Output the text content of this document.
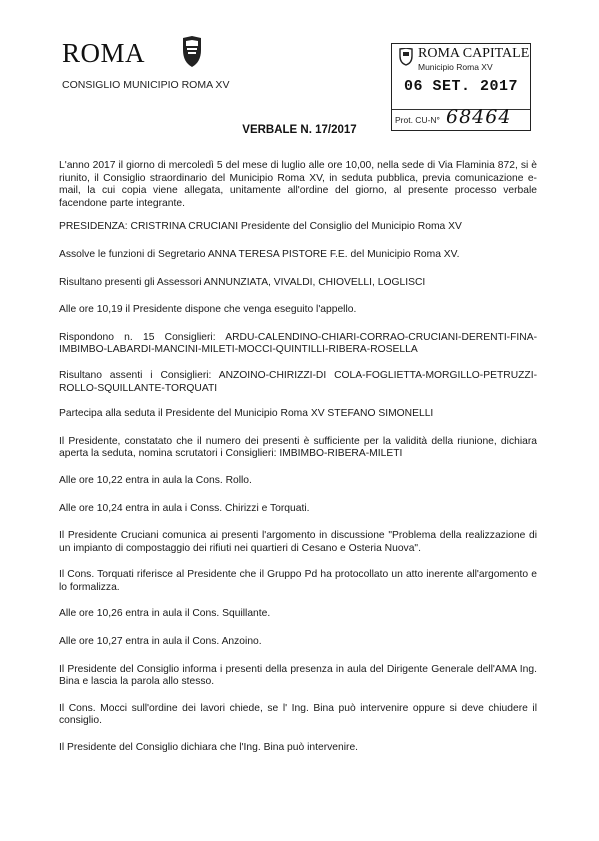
ROMA
CONSIGLIO MUNICIPIO ROMA XV
ROMA CAPITALE
Municipio Roma XV
06 SET. 2017
Prot. CU-N° 68464
VERBALE N. 17/2017

L'anno 2017 il giorno di mercoledì 5 del mese di luglio alle ore 10,00, nella sede di Via Flaminia 872, si è riunito, il Consiglio straordinario del Municipio Roma XV, in seduta pubblica, previa comunicazione e-mail, la cui copia viene allegata, unitamente all'ordine del giorno, al presente processo verbale facendone parte integrante.

PRESIDENZA: CRISTRINA CRUCIANI Presidente del Consiglio del Municipio Roma XV

Assolve le funzioni di Segretario ANNA TERESA PISTORE F.E. del Municipio Roma XV.

Risultano presenti gli Assessori ANNUNZIATA, VIVALDI, CHIOVELLI, LOGLISCI

Alle ore 10,19 il Presidente dispone che venga eseguito l'appello.

Rispondono n. 15 Consiglieri: ARDU-CALENDINO-CHIARI-CORRAO-CRUCIANI-DERENTI-FINA-IMBIMBO-LABARDI-MANCINI-MILETI-MOCCI-QUINTILLI-RIBERA-ROSELLA

Risultano assenti i Consiglieri: ANZOINO-CHIRIZZI-DI COLA-FOGLIETTA-MORGILLO-PETRUZZI-ROLLO-SQUILLANTE-TORQUATI

Partecipa alla seduta il Presidente del Municipio Roma XV STEFANO SIMONELLI

Il Presidente, constatato che il numero dei presenti è sufficiente per la validità della riunione, dichiara aperta la seduta, nomina scrutatori i Consiglieri: IMBIMBO-RIBERA-MILETI

Alle ore 10,22 entra in aula la Cons. Rollo.

Alle ore 10,24 entra in aula i Conss. Chirizzi e Torquati.

Il Presidente Cruciani comunica ai presenti l'argomento in discussione "Problema della realizzazione di un impianto di compostaggio dei rifiuti nei quartieri di Cesano e Osteria Nuova".

Il Cons. Torquati riferisce al Presidente che il Gruppo Pd ha protocollato un atto inerente all'argomento e lo formalizza.

Alle ore 10,26 entra in aula il Cons. Squillante.

Alle ore 10,27 entra in aula il Cons. Anzoino.

Il Presidente del Consiglio informa i presenti della presenza in aula del Dirigente Generale dell'AMA Ing. Bina e lascia la parola allo stesso.

Il Cons. Mocci sull'ordine dei lavori chiede, se l' Ing. Bina può intervenire oppure si deve chiudere il consiglio.

Il Presidente del Consiglio dichiara che l'Ing. Bina può intervenire.
